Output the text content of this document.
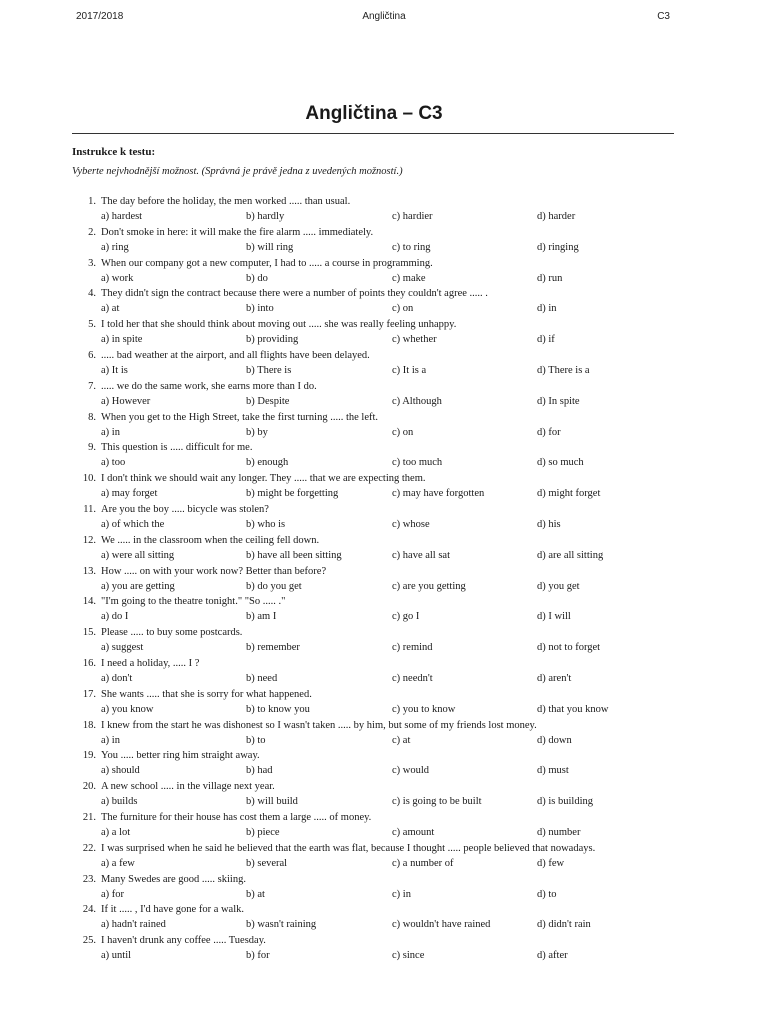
2017/2018	Angličtina	C3
Angličtina – C3
Instrukce k testu:
Vyberte nejvhodnější možnost. (Správná je právě jedna z uvedených možností.)
1. The day before the holiday, the men worked ..... than usual.
a) hardest	b) hardly	c) hardier	d) harder
2. Don't smoke in here: it will make the fire alarm ..... immediately.
a) ring	b) will ring	c) to ring	d) ringing
3. When our company got a new computer, I had to ..... a course in programming.
a) work	b) do	c) make	d) run
4. They didn't sign the contract because there were a number of points they couldn't agree ..... .
a) at	b) into	c) on	d) in
5. I told her that she should think about moving out ..... she was really feeling unhappy.
a) in spite	b) providing	c) whether	d) if
6. ..... bad weather at the airport, and all flights have been delayed.
a) It is	b) There is	c) It is a	d) There is a
7. ..... we do the same work, she earns more than I do.
a) However	b) Despite	c) Although	d) In spite
8. When you get to the High Street, take the first turning ..... the left.
a) in	b) by	c) on	d) for
9. This question is ..... difficult for me.
a) too	b) enough	c) too much	d) so much
10. I don't think we should wait any longer. They ..... that we are expecting them.
a) may forget	b) might be forgetting	c) may have forgotten	d) might forget
11. Are you the boy ..... bicycle was stolen?
a) of which the	b) who is	c) whose	d) his
12. We ..... in the classroom when the ceiling fell down.
a) were all sitting	b) have all been sitting	c) have all sat	d) are all sitting
13. How ..... on with your work now? Better than before?
a) you are getting	b) do you get	c) are you getting	d) you get
14. "I'm going to the theatre tonight." "So ..... ."
a) do I	b) am I	c) go I	d) I will
15. Please ..... to buy some postcards.
a) suggest	b) remember	c) remind	d) not to forget
16. I need a holiday, ..... I ?
a) don't	b) need	c) needn't	d) aren't
17. She wants ..... that she is sorry for what happened.
a) you know	b) to know you	c) you to know	d) that you know
18. I knew from the start he was dishonest so I wasn't taken ..... by him, but some of my friends lost money.
a) in	b) to	c) at	d) down
19. You ..... better ring him straight away.
a) should	b) had	c) would	d) must
20. A new school ..... in the village next year.
a) builds	b) will build	c) is going to be built	d) is building
21. The furniture for their house has cost them a large ..... of money.
a) a lot	b) piece	c) amount	d) number
22. I was surprised when he said he believed that the earth was flat, because I thought ..... people believed that nowadays.
a) a few	b) several	c) a number of	d) few
23. Many Swedes are good ..... skiing.
a) for	b) at	c) in	d) to
24. If it ..... , I'd have gone for a walk.
a) hadn't rained	b) wasn't raining	c) wouldn't have rained	d) didn't rain
25. I haven't drunk any coffee ..... Tuesday.
a) until	b) for	c) since	d) after
